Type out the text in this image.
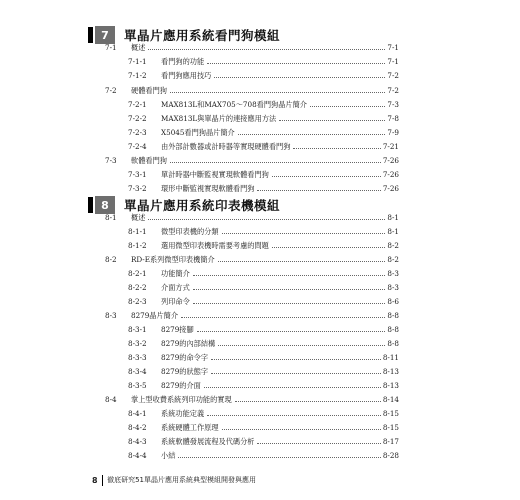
7	單晶片應用系統看門狗模組
7-1	概述	7-1
7-1-1	看門狗的功能	7-1
7-1-2	看門狗應用技巧	7-2
7-2	硬體看門狗	7-2
7-2-1	MAX813L和MAX705～708看門狗晶片簡介	7-3
7-2-2	MAX813L與單晶片的連接應用方法	7-8
7-2-3	X5045看門狗晶片簡介	7-9
7-2-4	由外部計數器或計時器等實現硬體看門狗	7-21
7-3	軟體看門狗	7-26
7-3-1	單計時器中斷監視實現軟體看門狗	7-26
7-3-2	環形中斷監視實現軟體看門狗	7-26
8	單晶片應用系統印表機模組
8-1	概述	8-1
8-1-1	微型印表機的分類	8-1
8-1-2	選用微型印表機時需要考慮的問題	8-2
8-2	RD-E系列微型印表機簡介	8-2
8-2-1	功能簡介	8-3
8-2-2	介面方式	8-3
8-2-3	列印命令	8-6
8-3	8279晶片簡介	8-8
8-3-1	8279接腳	8-8
8-3-2	8279的內部結構	8-8
8-3-3	8279的命令字	8-11
8-3-4	8279的狀態字	8-13
8-3-5	8279的介面	8-13
8-4	掌上型收費系統列印功能的實現	8-14
8-4-1	系統功能定義	8-15
8-4-2	系統硬體工作原理	8-15
8-4-3	系統軟體發展流程及代碼分析	8-17
8-4-4	小結	8-28
8 徹底研究51單晶片應用系統典型模組開發與應用
